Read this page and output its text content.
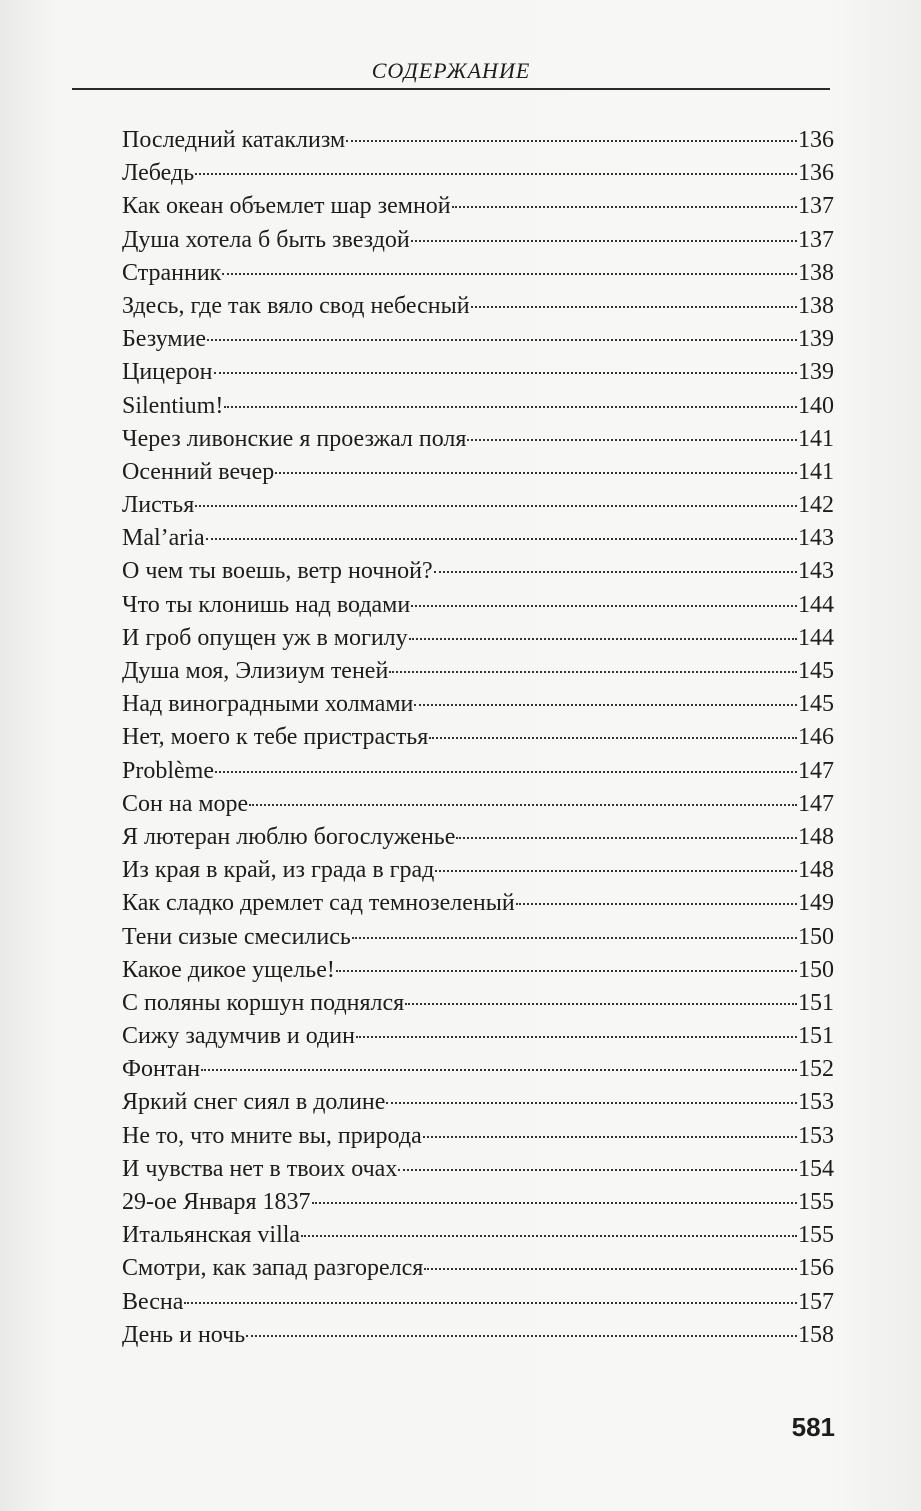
СОДЕРЖАНИЕ
Последний катаклизм	136
Лебедь	136
Как океан объемлет шар земной	137
Душа хотела б быть звездой	137
Странник	138
Здесь, где так вяло свод небесный	138
Безумие	139
Цицерон	139
Silentium!	140
Через ливонские я проезжал поля	141
Осенний вечер	141
Листья	142
Mal’aria	143
О чем ты воешь, ветр ночной?	143
Что ты клонишь над водами	144
И гроб опущен уж в могилу	144
Душа моя, Элизиум теней	145
Над виноградными холмами	145
Нет, моего к тебе пристрастья	146
Problème	147
Сон на море	147
Я лютеран люблю богослуженье	148
Из края в край, из града в град	148
Как сладко дремлет сад темнозеленый	149
Тени сизые смесились	150
Какое дикое ущелье!	150
С поляны коршун поднялся	151
Сижу задумчив и один	151
Фонтан	152
Яркий снег сиял в долине	153
Не то, что мните вы, природа	153
И чувства нет в твоих очах	154
29-ое Января 1837	155
Итальянская villa	155
Смотри, как запад разгорелся	156
Весна	157
День и ночь	158
581
